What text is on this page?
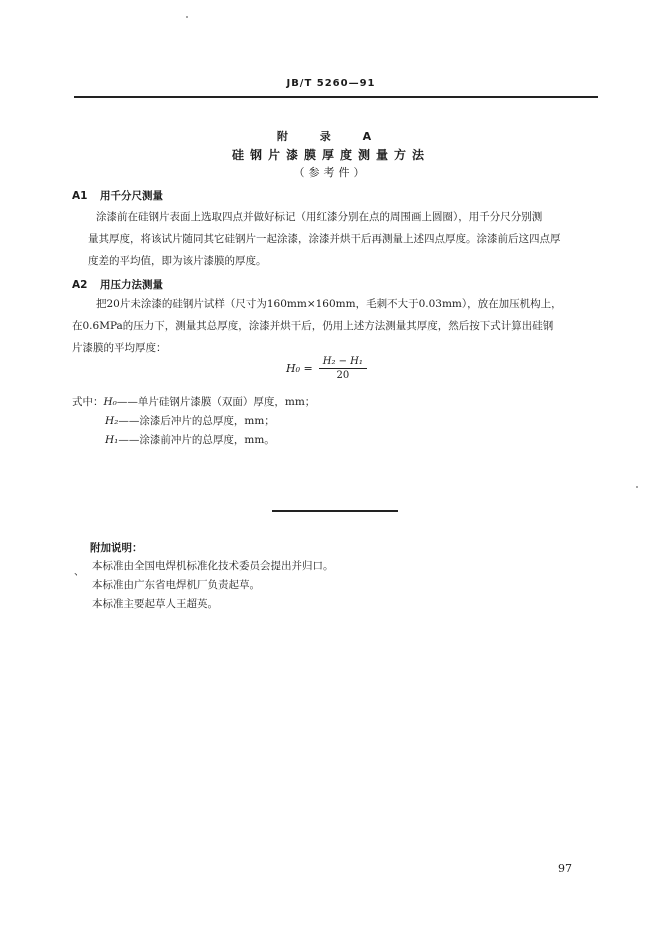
JB/T 5260—91
附 录 A
硅钢片漆膜厚度测量方法
（参考件）
A1 用千分尺测量
涂漆前在硅钢片表面上选取四点并做好标记（用红漆分别在点的周围画上圆圈），用千分尺分别测
量其厚度，将该试片随同其它硅钢片一起涂漆，涂漆并烘干后再测量上述四点厚度。涂漆前后这四点厚
度差的平均值，即为该片漆膜的厚度。
A2 用压力法测量
把20片未涂漆的硅钢片试样（尺寸为160mm×160mm，毛刺不大于0.03mm），放在加压机构上，
在0.6MPa的压力下，测量其总厚度，涂漆并烘干后，仍用上述方法测量其厚度，然后按下式计算出硅钢
片漆膜的平均厚度：
$H_0 = \frac{\text{H₂ − H₁}}{20}$
式中：H₀——单片硅钢片漆膜（双面）厚度，mm；
H₂——涂漆后冲片的总厚度，mm；
H₁——涂漆前冲片的总厚度，mm。
附加说明：
、
本标准由全国电焊机标准化技术委员会提出并归口。
本标准由广东省电焊机厂负责起草。
本标准主要起草人王超英。
97
